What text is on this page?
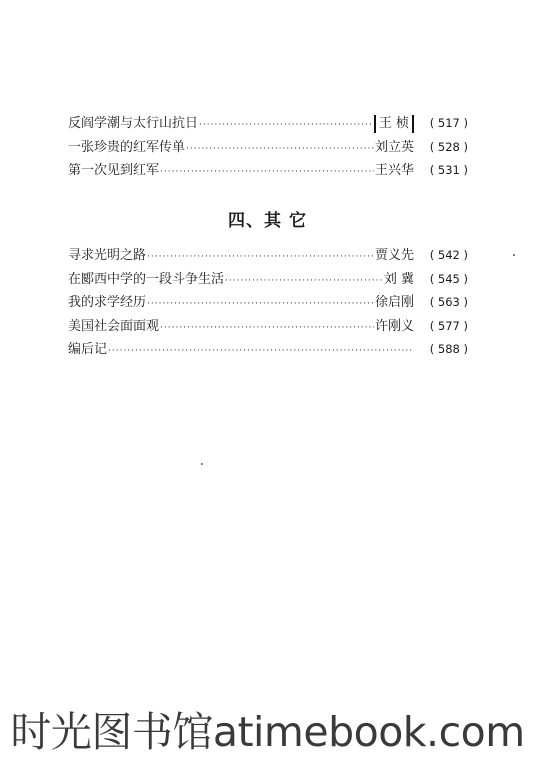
反阎学潮与太行山抗日 ·····	王 桢	( 517 )
一张珍贵的红军传单 ·····	刘立英	( 528 )
第一次见到红军 ·····	王兴华	( 531 )
四、其 它
寻求光明之路 ·····	贾义先	( 542 )
在郾西中学的一段斗争生活 ·····	刘 冀	( 545 )
我的求学经历 ·····	徐启刚	( 563 )
美国社会面面观 ·····	许刚义	( 577 )
编后记 ·····	( 588 )
时光图书馆atimebook.com
